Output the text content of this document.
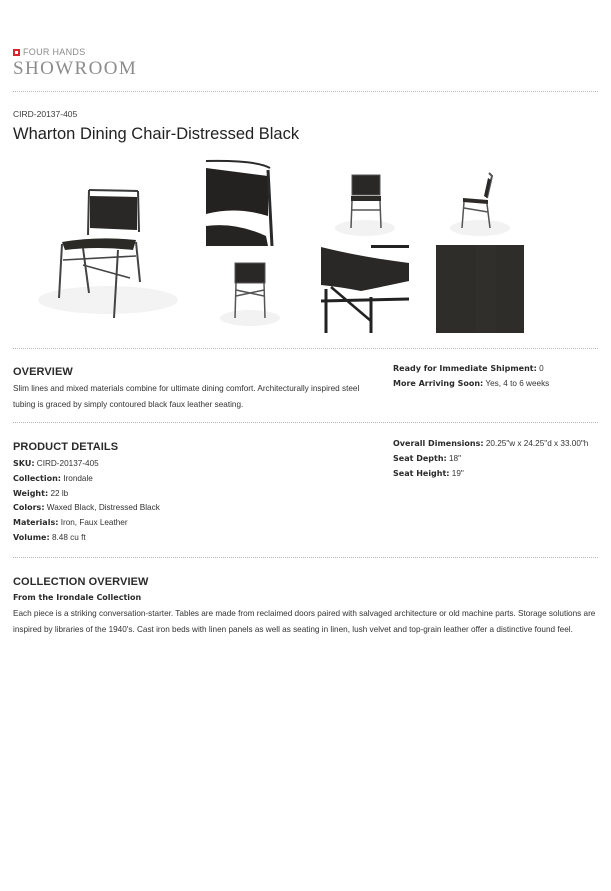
FOUR HANDS
SHOWROOM
CIRD-20137-405
Wharton Dining Chair-Distressed Black
OVERVIEW

Slim lines and mixed materials combine for ultimate dining comfort. Architecturally inspired steel tubing is graced by simply contoured black faux leather seating.

Ready for Immediate Shipment: 0
More Arriving Soon: Yes, 4 to 6 weeks
PRODUCT DETAILS
SKU: CIRD-20137-405
Collection: Irondale
Weight: 22 lb
Colors: Waxed Black, Distressed Black
Materials: Iron, Faux Leather
Volume: 8.48 cu ft
Overall Dimensions: 20.25"w x 24.25"d x 33.00"h
Seat Depth: 18"
Seat Height: 19"
COLLECTION OVERVIEW
From the Irondale Collection

Each piece is a striking conversation-starter. Tables are made from reclaimed doors paired with salvaged architecture or old machine parts. Storage solutions are inspired by libraries of the 1940's. Cast iron beds with linen panels as well as seating in linen, lush velvet and top-grain leather offer a distinctive found feel.
